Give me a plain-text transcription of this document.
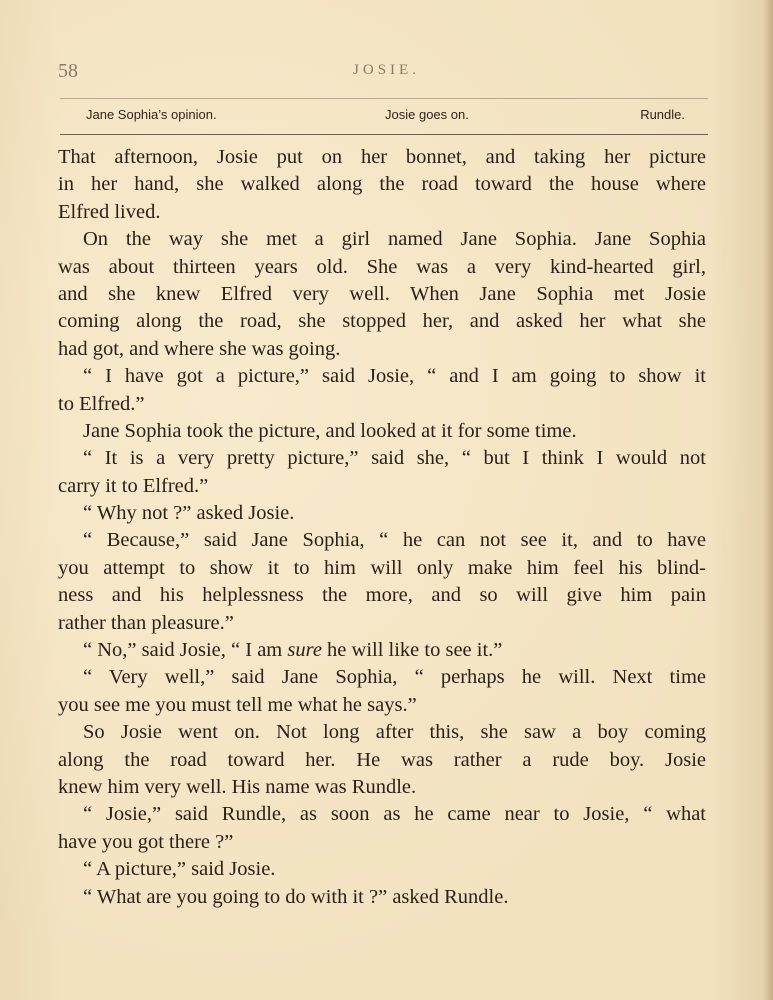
58	JOSIE.
Jane Sophia’s opinion.	Josie goes on.	Rundle.
That afternoon, Josie put on her bonnet, and taking her picture
in her hand, she walked along the road toward the house where
Elfred lived.
On the way she met a girl named Jane Sophia. Jane Sophia
was about thirteen years old. She was a very kind-hearted girl,
and she knew Elfred very well. When Jane Sophia met Josie
coming along the road, she stopped her, and asked her what she
had got, and where she was going.
“ I have got a picture,” said Josie, “ and I am going to show it
to Elfred.”
Jane Sophia took the picture, and looked at it for some time.
“ It is a very pretty picture,” said she, “ but I think I would not
carry it to Elfred.”
“ Why not ?” asked Josie.
“ Because,” said Jane Sophia, “ he can not see it, and to have
you attempt to show it to him will only make him feel his blind-
ness and his helplessness the more, and so will give him pain
rather than pleasure.”
“ No,” said Josie, “ I am sure he will like to see it.”
“ Very well,” said Jane Sophia, “ perhaps he will. Next time
you see me you must tell me what he says.”
So Josie went on. Not long after this, she saw a boy coming
along the road toward her. He was rather a rude boy. Josie
knew him very well. His name was Rundle.
“ Josie,” said Rundle, as soon as he came near to Josie, “ what
have you got there ?”
“ A picture,” said Josie.
“ What are you going to do with it ?” asked Rundle.
